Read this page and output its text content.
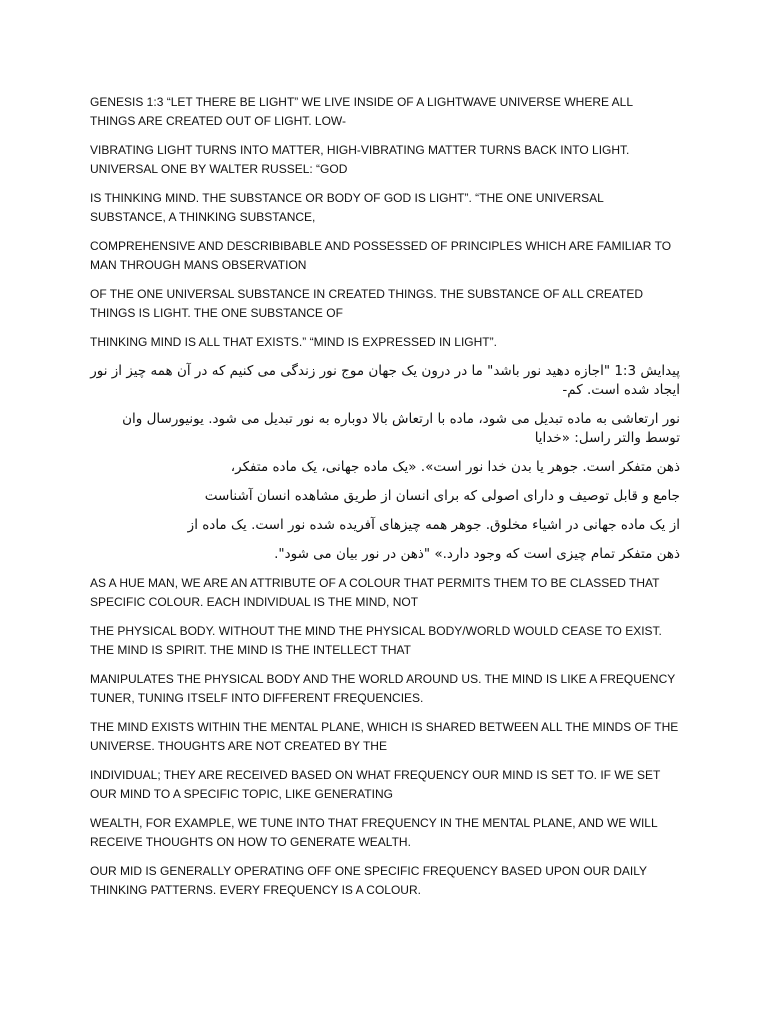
GENESIS 1:3 “LET THERE BE LIGHT” WE LIVE INSIDE OF A LIGHTWAVE UNIVERSE WHERE ALL THINGS ARE CREATED OUT OF LIGHT. LOW-

VIBRATING LIGHT TURNS INTO MATTER, HIGH-VIBRATING MATTER TURNS BACK INTO LIGHT. UNIVERSAL ONE BY WALTER RUSSEL: “GOD

IS THINKING MIND. THE SUBSTANCE OR BODY OF GOD IS LIGHT”. “THE ONE UNIVERSAL SUBSTANCE, A THINKING SUBSTANCE,

COMPREHENSIVE AND DESCRIBIBABLE AND POSSESSED OF PRINCIPLES WHICH ARE FAMILIAR TO MAN THROUGH MANS OBSERVATION

OF THE ONE UNIVERSAL SUBSTANCE IN CREATED THINGS. THE SUBSTANCE OF ALL CREATED THINGS IS LIGHT. THE ONE SUBSTANCE OF

THINKING MIND IS ALL THAT EXISTS.” “MIND IS EXPRESSED IN LIGHT”.

پیدایش 1:3 "اجازه دهید نور باشد" ما در درون یک جهان موج نور زندگی می کنیم که در آن همه چیز از نور ایجاد شده است. کم-

نور ارتعاشی به ماده تبدیل می شود، ماده با ارتعاش بالا دوباره به نور تبدیل می شود. یونیورسال وان توسط والتر راسل: «خدایا

ذهن متفکر است. جوهر یا بدن خدا نور است». «یک ماده جهانی، یک ماده متفکر،

جامع و قابل توصیف و دارای اصولی که برای انسان از طریق مشاهده انسان آشناست

از یک ماده جهانی در اشیاء مخلوق. جوهر همه چیزهای آفریده شده نور است. یک ماده از

ذهن متفکر تمام چیزی است که وجود دارد.» "ذهن در نور بیان می شود".

AS A HUE MAN, WE ARE AN ATTRIBUTE OF A COLOUR THAT PERMITS THEM TO BE CLASSED THAT SPECIFIC COLOUR. EACH INDIVIDUAL IS THE MIND, NOT

THE PHYSICAL BODY. WITHOUT THE MIND THE PHYSICAL BODY/WORLD WOULD CEASE TO EXIST. THE MIND IS SPIRIT. THE MIND IS THE INTELLECT THAT

MANIPULATES THE PHYSICAL BODY AND THE WORLD AROUND US. THE MIND IS LIKE A FREQUENCY TUNER, TUNING ITSELF INTO DIFFERENT FREQUENCIES.

THE MIND EXISTS WITHIN THE MENTAL PLANE, WHICH IS SHARED BETWEEN ALL THE MINDS OF THE UNIVERSE. THOUGHTS ARE NOT CREATED BY THE

INDIVIDUAL; THEY ARE RECEIVED BASED ON WHAT FREQUENCY OUR MIND IS SET TO. IF WE SET OUR MIND TO A SPECIFIC TOPIC, LIKE GENERATING

WEALTH, FOR EXAMPLE, WE TUNE INTO THAT FREQUENCY IN THE MENTAL PLANE, AND WE WILL RECEIVE THOUGHTS ON HOW TO GENERATE WEALTH.

OUR MID IS GENERALLY OPERATING OFF ONE SPECIFIC FREQUENCY BASED UPON OUR DAILY THINKING PATTERNS. EVERY FREQUENCY IS A COLOUR.
